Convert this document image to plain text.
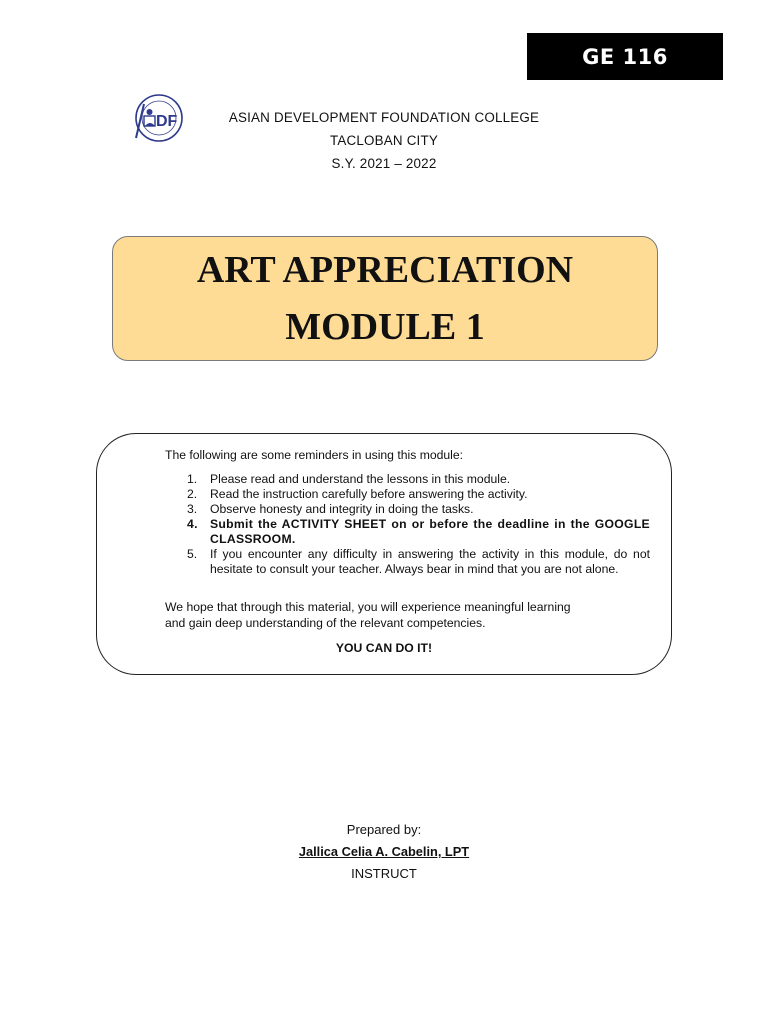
GE 116
DF	ASIAN DEVELOPMENT FOUNDATION COLLEGE
TACLOBAN CITY
S.Y. 2021 – 2022
ART APPRECIATION
MODULE 1
The following are some reminders in using this module:
1. Please read and understand the lessons in this module.
2. Read the instruction carefully before answering the activity.
3. Observe honesty and integrity in doing the tasks.
4. Submit the ACTIVITY SHEET on or before the deadline in the GOOGLE CLASSROOM.
5. If you encounter any difficulty in answering the activity in this module, do not hesitate to consult your teacher. Always bear in mind that you are not alone.
We hope that through this material, you will experience meaningful learning
and gain deep understanding of the relevant competencies.
YOU CAN DO IT!
Prepared by:
Jallica Celia A. Cabelin, LPT
INSTRUCT
